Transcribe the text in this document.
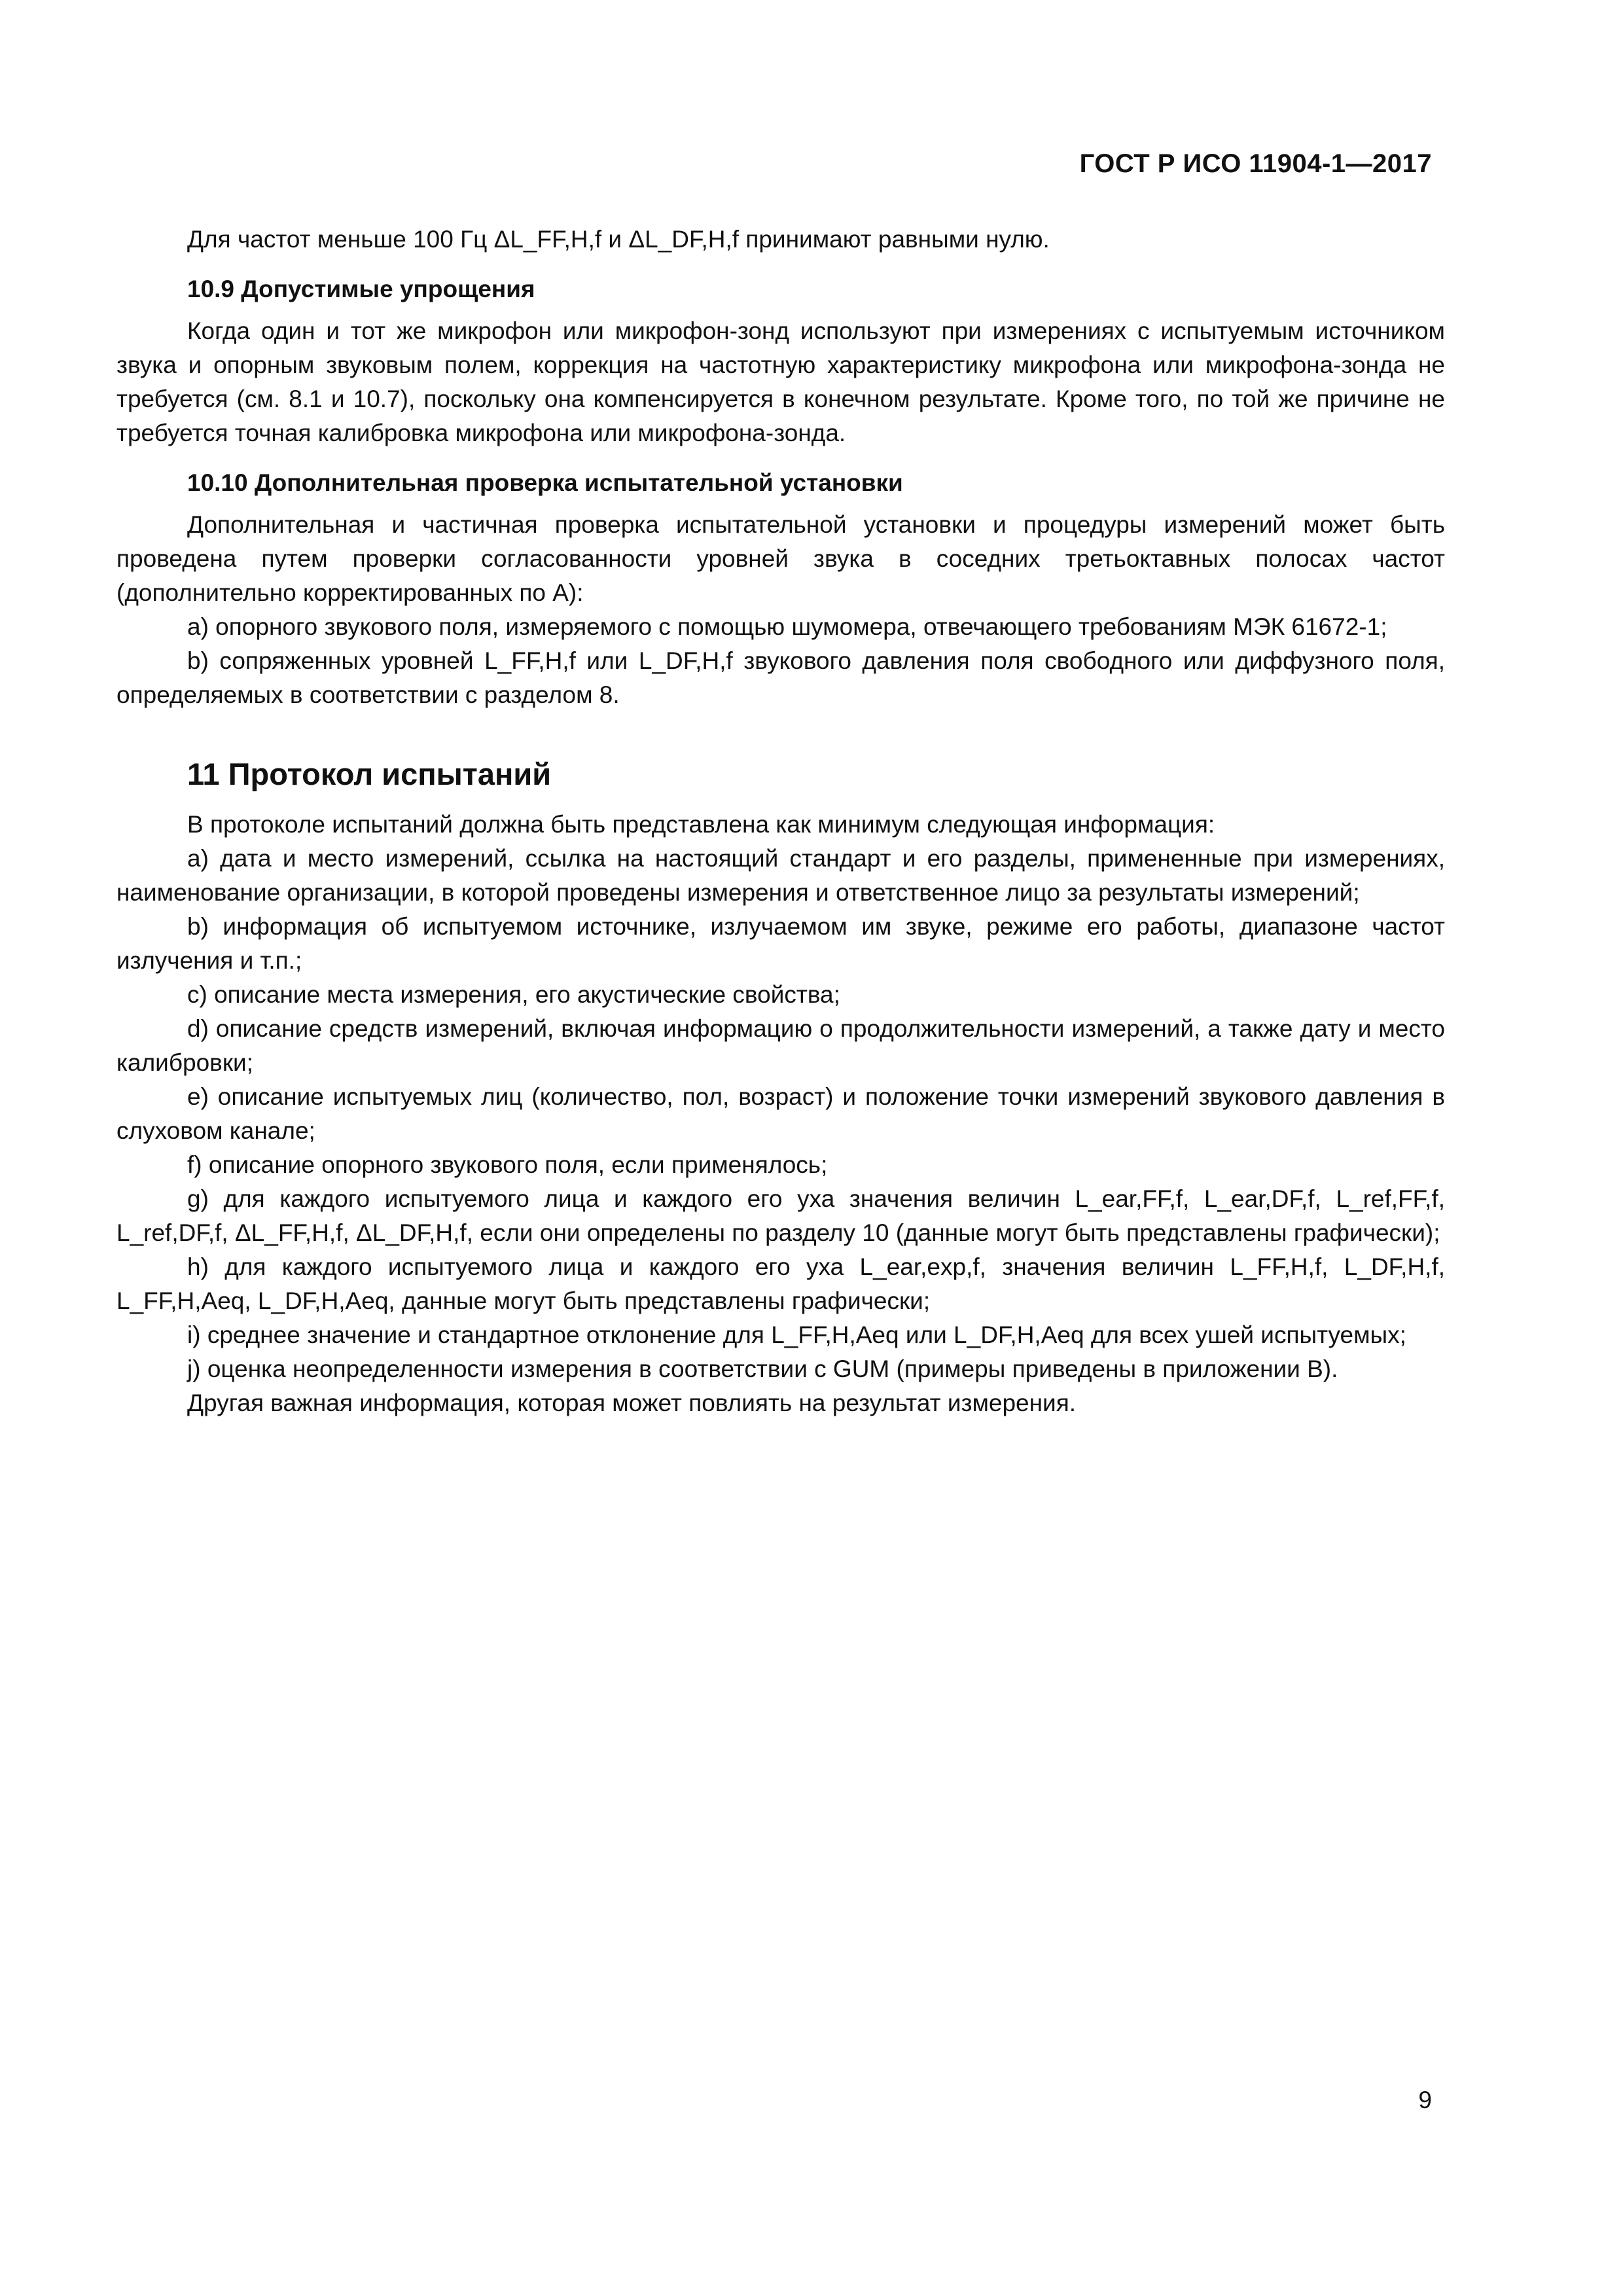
ГОСТ Р ИСО 11904-1—2017

Для частот меньше 100 Гц ΔL_FF,H,f и ΔL_DF,H,f принимают равными нулю.

10.9 Допустимые упрощения

Когда один и тот же микрофон или микрофон-зонд используют при измерениях с испытуемым источником звука и опорным звуковым полем, коррекция на частотную характеристику микрофона или микрофона-зонда не требуется (см. 8.1 и 10.7), поскольку она компенсируется в конечном результате. Кроме того, по той же причине не требуется точная калибровка микрофона или микрофона-зонда.

10.10 Дополнительная проверка испытательной установки

Дополнительная и частичная проверка испытательной установки и процедуры измерений может быть проведена путем проверки согласованности уровней звука в соседних третьоктавных полосах частот (дополнительно корректированных по A):

а) опорного звукового поля, измеряемого с помощью шумомера, отвечающего требованиям МЭК 61672-1;

b) сопряженных уровней L_FF,H,f или L_DF,H,f звукового давления поля свободного или диффузного поля, определяемых в соответствии с разделом 8.

11 Протокол испытаний

В протоколе испытаний должна быть представлена как минимум следующая информация:

a) дата и место измерений, ссылка на настоящий стандарт и его разделы, примененные при измерениях, наименование организации, в которой проведены измерения и ответственное лицо за результаты измерений;

b) информация об испытуемом источнике, излучаемом им звуке, режиме его работы, диапазоне частот излучения и т.п.;

c) описание места измерения, его акустические свойства;

d) описание средств измерений, включая информацию о продолжительности измерений, а также дату и место калибровки;

e) описание испытуемых лиц (количество, пол, возраст) и положение точки измерений звукового давления в слуховом канале;

f) описание опорного звукового поля, если применялось;

g) для каждого испытуемого лица и каждого его уха значения величин L_ear,FF,f, L_ear,DF,f, L_ref,FF,f, L_ref,DF,f, ΔL_FF,H,f, ΔL_DF,H,f, если они определены по разделу 10 (данные могут быть представлены графически);

h) для каждого испытуемого лица и каждого его уха L_ear,exp,f, значения величин L_FF,H,f, L_DF,H,f, L_FF,H,Aeq, L_DF,H,Aeq, данные могут быть представлены графически;

i) среднее значение и стандартное отклонение для L_FF,H,Aeq или L_DF,H,Aeq для всех ушей испытуемых;

j) оценка неопределенности измерения в соответствии с GUM (примеры приведены в приложении B).

Другая важная информация, которая может повлиять на результат измерения.

9
